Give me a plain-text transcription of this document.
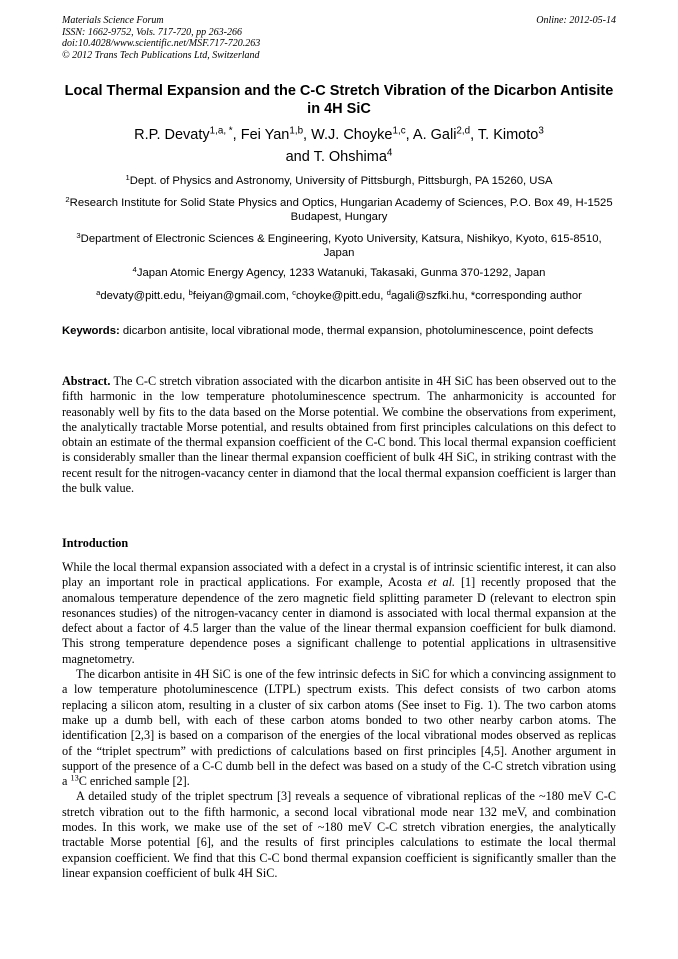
Materials Science Forum
ISSN: 1662-9752, Vols. 717-720, pp 263-266
doi:10.4028/www.scientific.net/MSF.717-720.263
© 2012 Trans Tech Publications Ltd, Switzerland
Online: 2012-05-14
Local Thermal Expansion and the C-C Stretch Vibration of the Dicarbon Antisite in 4H SiC
R.P. Devaty$^{1,a, *}$, Fei Yan$^{1,b}$, W.J. Choyke$^{1,c}$, A. Gali$^{2,d}$, T. Kimoto$^3$
and T. Ohshima$^4$
$^1$Dept. of Physics and Astronomy, University of Pittsburgh, Pittsburgh, PA 15260, USA
$^2$Research Institute for Solid State Physics and Optics, Hungarian Academy of Sciences, P.O. Box 49, H-1525 Budapest, Hungary
$^3$Department of Electronic Sciences & Engineering, Kyoto University, Katsura, Nishikyo, Kyoto, 615-8510, Japan
$^4$Japan Atomic Energy Agency, 1233 Watanuki, Takasaki, Gunma 370-1292, Japan
$^a$devaty@pitt.edu, $^b$feiyan@gmail.com, $^c$choyke@pitt.edu, $^d$agali@szfki.hu, *corresponding author
Keywords: dicarbon antisite, local vibrational mode, thermal expansion, photoluminescence, point defects
Abstract. The C-C stretch vibration associated with the dicarbon antisite in 4H SiC has been observed out to the fifth harmonic in the low temperature photoluminescence spectrum. The anharmonicity is accounted for reasonably well by fits to the data based on the Morse potential. We combine the observations from experiment, the analytically tractable Morse potential, and results obtained from first principles calculations on this defect to obtain an estimate of the thermal expansion coefficient of the C-C bond. This local thermal expansion coefficient is considerably smaller than the linear thermal expansion coefficient of bulk 4H SiC, in striking contrast with the recent result for the nitrogen-vacancy center in diamond that the local thermal expansion coefficient is larger than the bulk value.
Introduction

While the local thermal expansion associated with a defect in a crystal is of intrinsic scientific interest, it can also play an important role in practical applications. For example, Acosta et al. [1] recently proposed that the anomalous temperature dependence of the zero magnetic field splitting parameter D (relevant to electron spin resonances studies) of the nitrogen-vacancy center in diamond is associated with local thermal expansion at the defect about a factor of 4.5 larger than the value of the linear thermal expansion coefficient for bulk diamond. This strong temperature dependence poses a significant challenge to potential applications in ultrasensitive magnetometry.

The dicarbon antisite in 4H SiC is one of the few intrinsic defects in SiC for which a convincing assignment to a low temperature photoluminescence (LTPL) spectrum exists. This defect consists of two carbon atoms replacing a silicon atom, resulting in a cluster of six carbon atoms (See inset to Fig. 1). The two carbon atoms make up a dumb bell, with each of these carbon atoms bonded to two other nearby carbon atoms. The identification [2,3] is based on a comparison of the energies of the local vibrational modes observed as replicas of the “triplet spectrum” with predictions of calculations based on first principles [4,5]. Another argument in support of the presence of a C-C dumb bell in the defect was based on a study of the C-C stretch vibration using a $^{13}$C enriched sample [2].

A detailed study of the triplet spectrum [3] reveals a sequence of vibrational replicas of the ~180 meV C-C stretch vibration out to the fifth harmonic, a second local vibrational mode near 132 meV, and combination modes. In this work, we make use of the set of ~180 meV C-C stretch vibration energies, the analytically tractable Morse potential [6], and the results of first principles calculations to estimate the local thermal expansion coefficient. We find that this C-C bond thermal expansion coefficient is significantly smaller than the linear expansion coefficient of bulk 4H SiC.
